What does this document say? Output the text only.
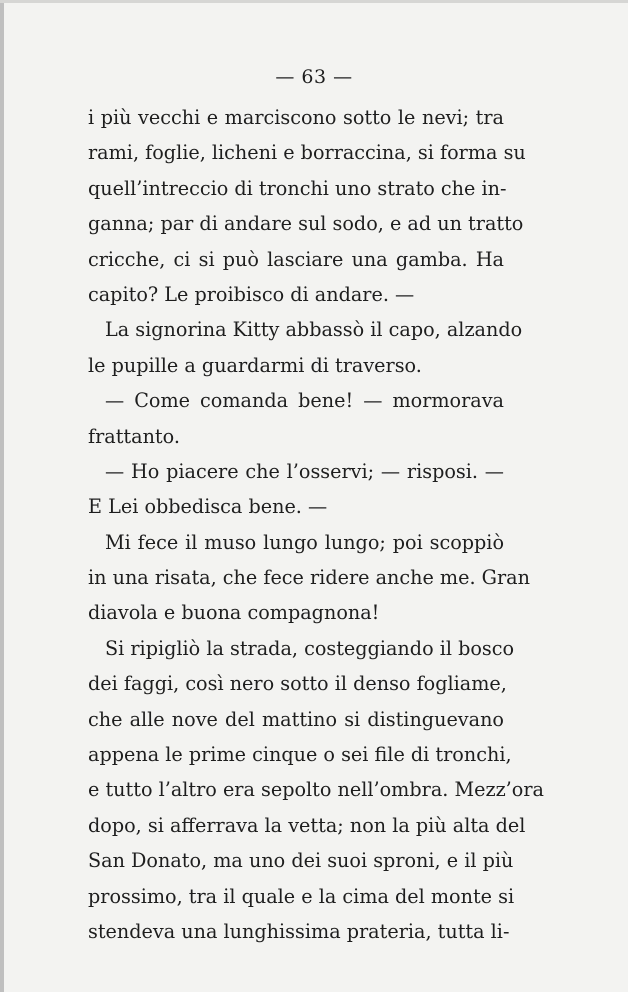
— 63 —
i più vecchi e marciscono sotto le nevi; tra
rami, foglie, licheni e borraccina, si forma su
quell’intreccio di tronchi uno strato che in-
ganna; par di andare sul sodo, e ad un tratto
cricche, ci si può lasciare una gamba. Ha
capito? Le proibisco di andare. —
La signorina Kitty abbassò il capo, alzando
le pupille a guardarmi di traverso.
— Come comanda bene! — mormorava
frattanto.
— Ho piacere che l’osservi; — risposi. —
E Lei obbedisca bene. —
Mi fece il muso lungo lungo; poi scoppiò
in una risata, che fece ridere anche me. Gran
diavola e buona compagnona!
Si ripigliò la strada, costeggiando il bosco
dei faggi, così nero sotto il denso fogliame,
che alle nove del mattino si distinguevano
appena le prime cinque o sei file di tronchi,
e tutto l’altro era sepolto nell’ombra. Mezz’ora
dopo, si afferrava la vetta; non la più alta del
San Donato, ma uno dei suoi sproni, e il più
prossimo, tra il quale e la cima del monte si
stendeva una lunghissima prateria, tutta li-
